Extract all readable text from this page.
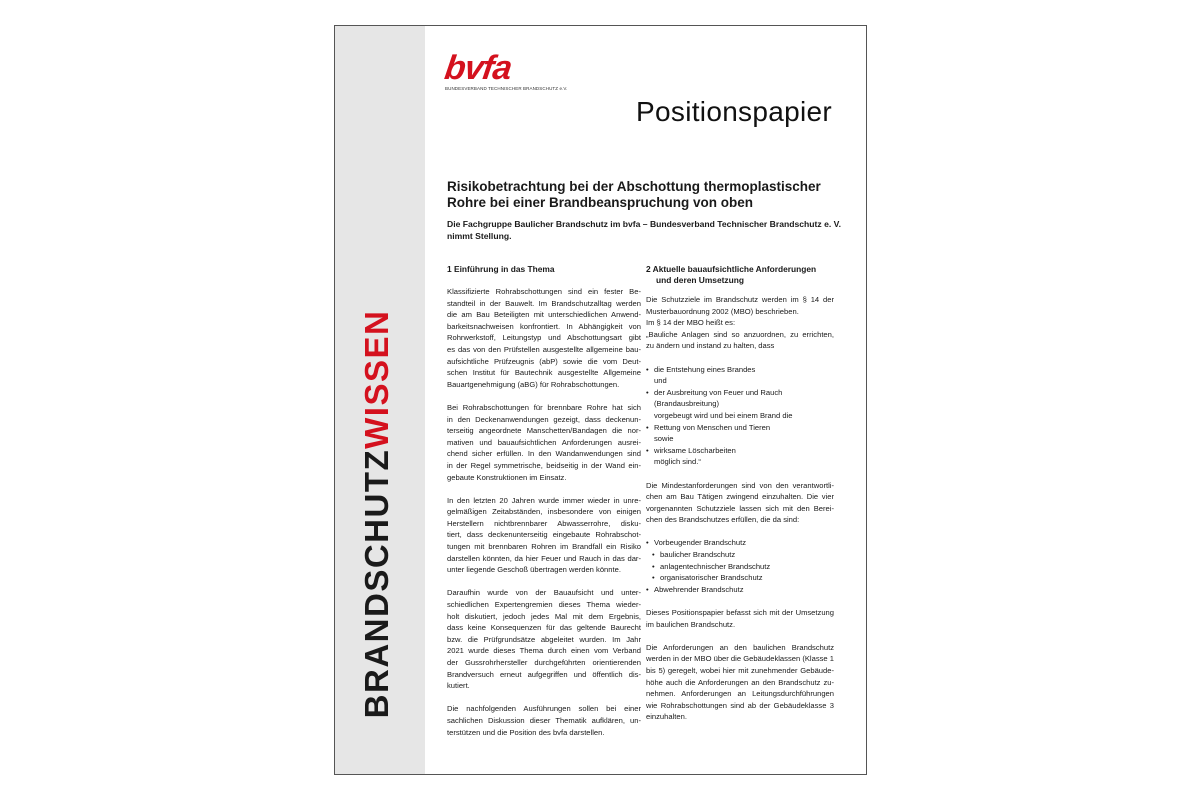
BRANDSCHUTZWISSEN
bvfa
BUNDESVERBAND TECHNISCHER BRANDSCHUTZ e.V.
Positionspapier
Risikobetrachtung bei der Abschottung thermoplastischer
Rohre bei einer Brandbeanspruchung von oben
Die Fachgruppe Baulicher Brandschutz im bvfa – Bundesverband Technischer Brandschutz e. V.
nimmt Stellung.
1 Einführung in das Thema
Klassifizierte Rohrabschottungen sind ein fester Be-
standteil in der Bauwelt. Im Brandschutzalltag werden
die am Bau Beteiligten mit unterschiedlichen Anwend-
barkeitsnachweisen konfrontiert. In Abhängigkeit von
Rohrwerkstoff, Leitungstyp und Abschottungsart gibt
es das von den Prüfstellen ausgestellte allgemeine bau-
aufsichtliche Prüfzeugnis (abP) sowie die vom Deut-
schen Institut für Bautechnik ausgestellte Allgemeine
Bauartgenehmigung (aBG) für Rohrabschottungen.
Bei Rohrabschottungen für brennbare Rohre hat sich
in den Deckenanwendungen gezeigt, dass deckenun-
terseitig angeordnete Manschetten/Bandagen die nor-
mativen und bauaufsichtlichen Anforderungen ausrei-
chend sicher erfüllen. In den Wandanwendungen sind
in der Regel symmetrische, beidseitig in der Wand ein-
gebaute Konstruktionen im Einsatz.
In den letzten 20 Jahren wurde immer wieder in unre-
gelmäßigen Zeitabständen, insbesondere von einigen
Herstellern nichtbrennbarer Abwasserrohre, disku-
tiert, dass deckenunterseitig eingebaute Rohrabschot-
tungen mit brennbaren Rohren im Brandfall ein Risiko
darstellen könnten, da hier Feuer und Rauch in das dar-
unter liegende Geschoß übertragen werden könnte.
Daraufhin wurde von der Bauaufsicht und unter-
schiedlichen Expertengremien dieses Thema wieder-
holt diskutiert, jedoch jedes Mal mit dem Ergebnis,
dass keine Konsequenzen für das geltende Baurecht
bzw. die Prüfgrundsätze abgeleitet wurden. Im Jahr
2021 wurde dieses Thema durch einen vom Verband
der Gussrohrhersteller durchgeführten orientierenden
Brandversuch erneut aufgegriffen und öffentlich dis-
kutiert.
Die nachfolgenden Ausführungen sollen bei einer
sachlichen Diskussion dieser Thematik aufklären, un-
terstützen und die Position des bvfa darstellen.
2 Aktuelle bauaufsichtliche Anforderungen
und deren Umsetzung
Die Schutzziele im Brandschutz werden im § 14 der
Musterbauordnung 2002 (MBO) beschrieben.
Im § 14 der MBO heißt es:
„Bauliche Anlagen sind so anzuordnen, zu errichten,
zu ändern und instand zu halten, dass
• die Entstehung eines Brandes
und
• der Ausbreitung von Feuer und Rauch
(Brandausbreitung)
vorgebeugt wird und bei einem Brand die
• Rettung von Menschen und Tieren
sowie
• wirksame Löscharbeiten
möglich sind.“
Die Mindestanforderungen sind von den verantwortli-
chen am Bau Tätigen zwingend einzuhalten. Die vier
vorgenannten Schutzziele lassen sich mit den Berei-
chen des Brandschutzes erfüllen, die da sind:
• Vorbeugender Brandschutz
• baulicher Brandschutz
• anlagentechnischer Brandschutz
• organisatorischer Brandschutz
• Abwehrender Brandschutz
Dieses Positionspapier befasst sich mit der Umsetzung
im baulichen Brandschutz.
Die Anforderungen an den baulichen Brandschutz
werden in der MBO über die Gebäudeklassen (Klasse 1
bis 5) geregelt, wobei hier mit zunehmender Gebäude-
höhe auch die Anforderungen an den Brandschutz zu-
nehmen. Anforderungen an Leitungsdurchführungen
wie Rohrabschottungen sind ab der Gebäudeklasse 3
einzuhalten.
